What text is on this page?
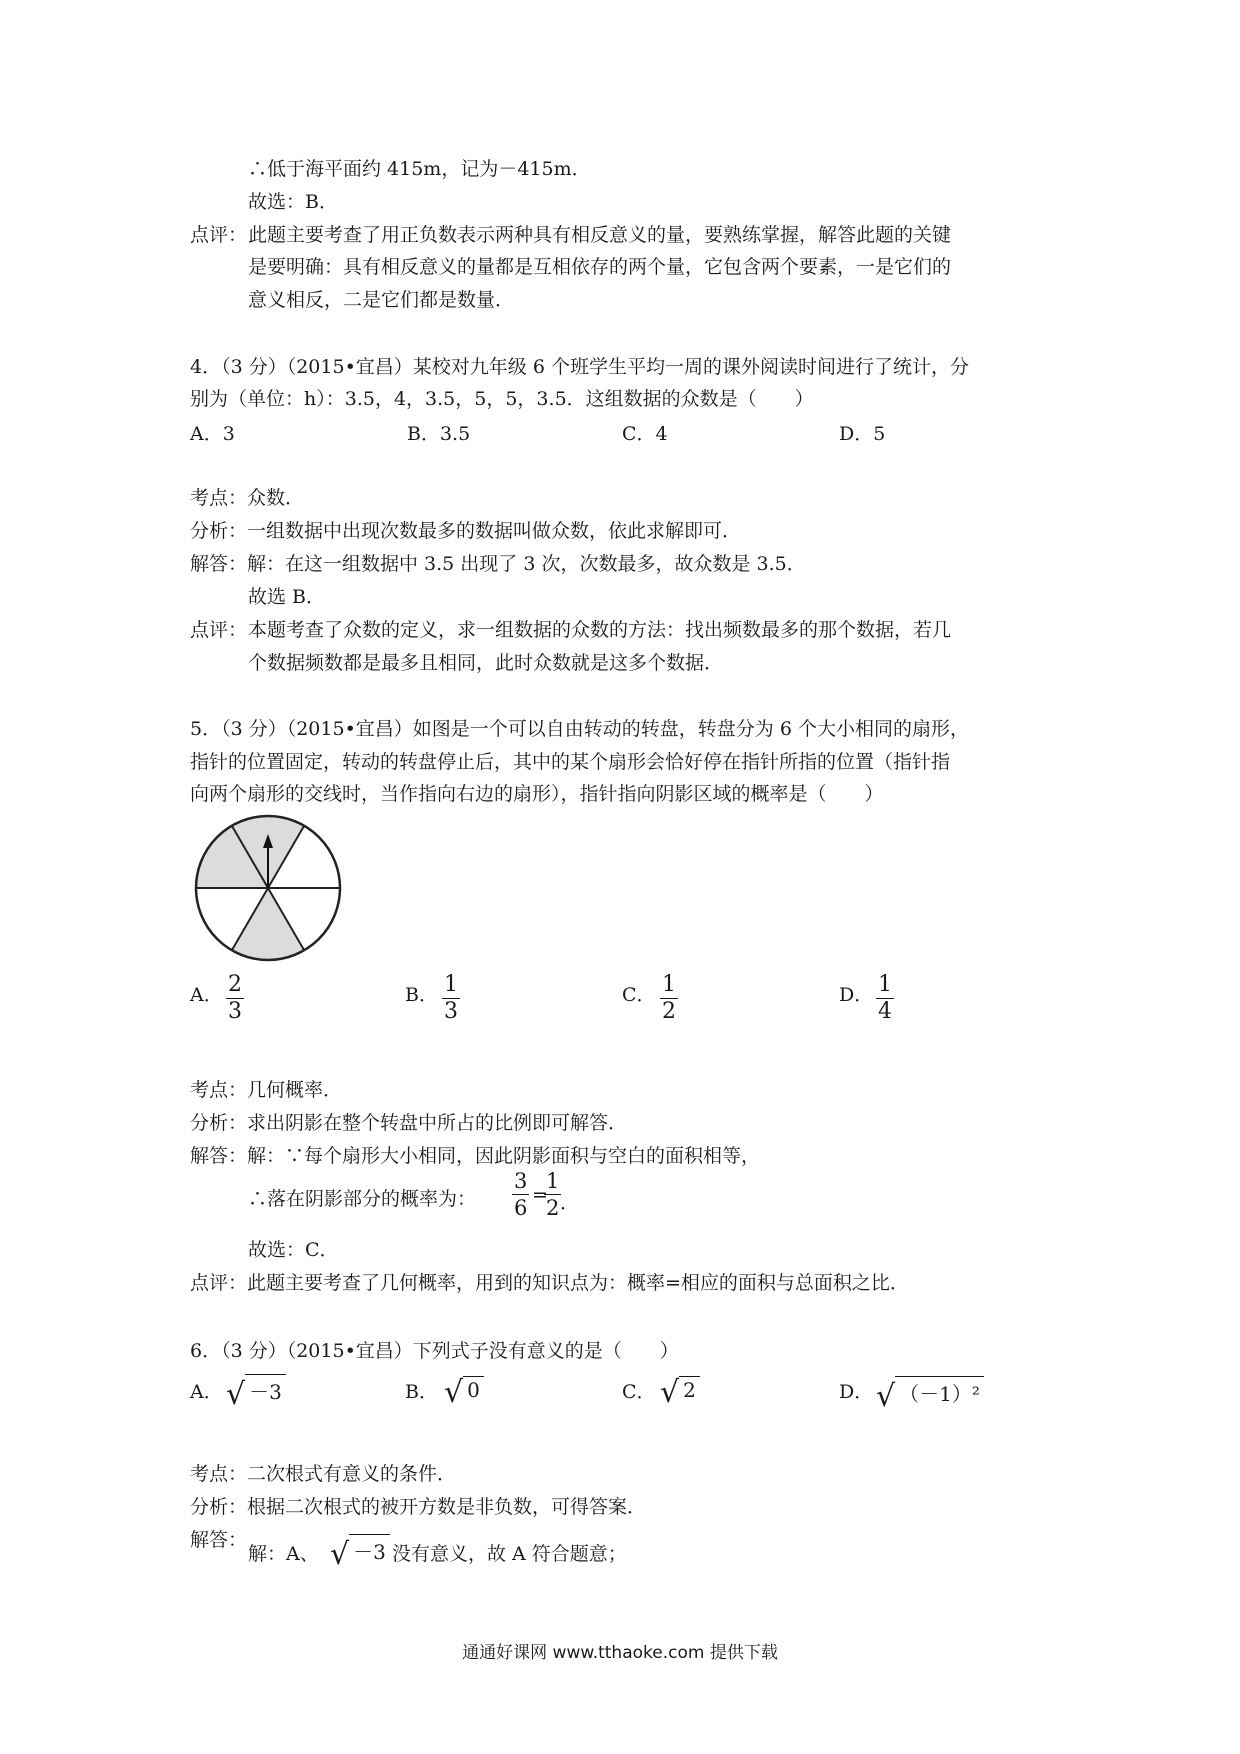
∴低于海平面约 415m，记为－415m．
故选：B．
点评： 此题主要考查了用正负数表示两种具有相反意义的量，要熟练掌握，解答此题的关键
是要明确：具有相反意义的量都是互相依存的两个量，它包含两个要素，一是它们的
意义相反，二是它们都是数量．
4．（3 分）（2015•宜昌）某校对九年级 6 个班学生平均一周的课外阅读时间进行了统计，分
别为（单位：h）：3.5，4，3.5，5，5，3.5．这组数据的众数是（　　）
A．3	B．3.5	C．4	D．5
考点：众数．
分析：一组数据中出现次数最多的数据叫做众数，依此求解即可．
解答：解：在这一组数据中 3.5 出现了 3 次，次数最多，故众数是 3.5．
故选 B．
点评： 本题考查了众数的定义，求一组数据的众数的方法：找出频数最多的那个数据，若几
个数据频数都是最多且相同，此时众数就是这多个数据．
5．（3 分）（2015•宜昌）如图是一个可以自由转动的转盘，转盘分为 6 个大小相同的扇形，
指针的位置固定，转动的转盘停止后，其中的某个扇形会恰好停在指针所指的位置（指针指
向两个扇形的交线时，当作指向右边的扇形），指针指向阴影区域的概率是（　　）
A． $\frac{2}{3}$	B． $\frac{1}{3}$	C． $\frac{1}{2}$	D． $\frac{1}{4}$
考点：几何概率．
分析：求出阴影在整个转盘中所占的比例即可解答．
解答：解：∵每个扇形大小相同，因此阴影面积与空白的面积相等，
∴落在阴影部分的概率为： $\frac{3}{6}$ =
$\frac{1}{2}$
．
故选：C．
点评：此题主要考查了几何概率，用到的知识点为：概率=相应的面积与总面积之比．
6．（3 分）（2015•宜昌）下列式子没有意义的是（　　）
A． √ －3	B． √ 0	C． √ 2	D． √ （－1）²
考点：二次根式有意义的条件．
分析：根据二次根式的被开方数是非负数，可得答案．
解答：
解：A、 √ －3 没有意义，故 A 符合题意；
通通好课网 www.tthaoke.com 提供下载
